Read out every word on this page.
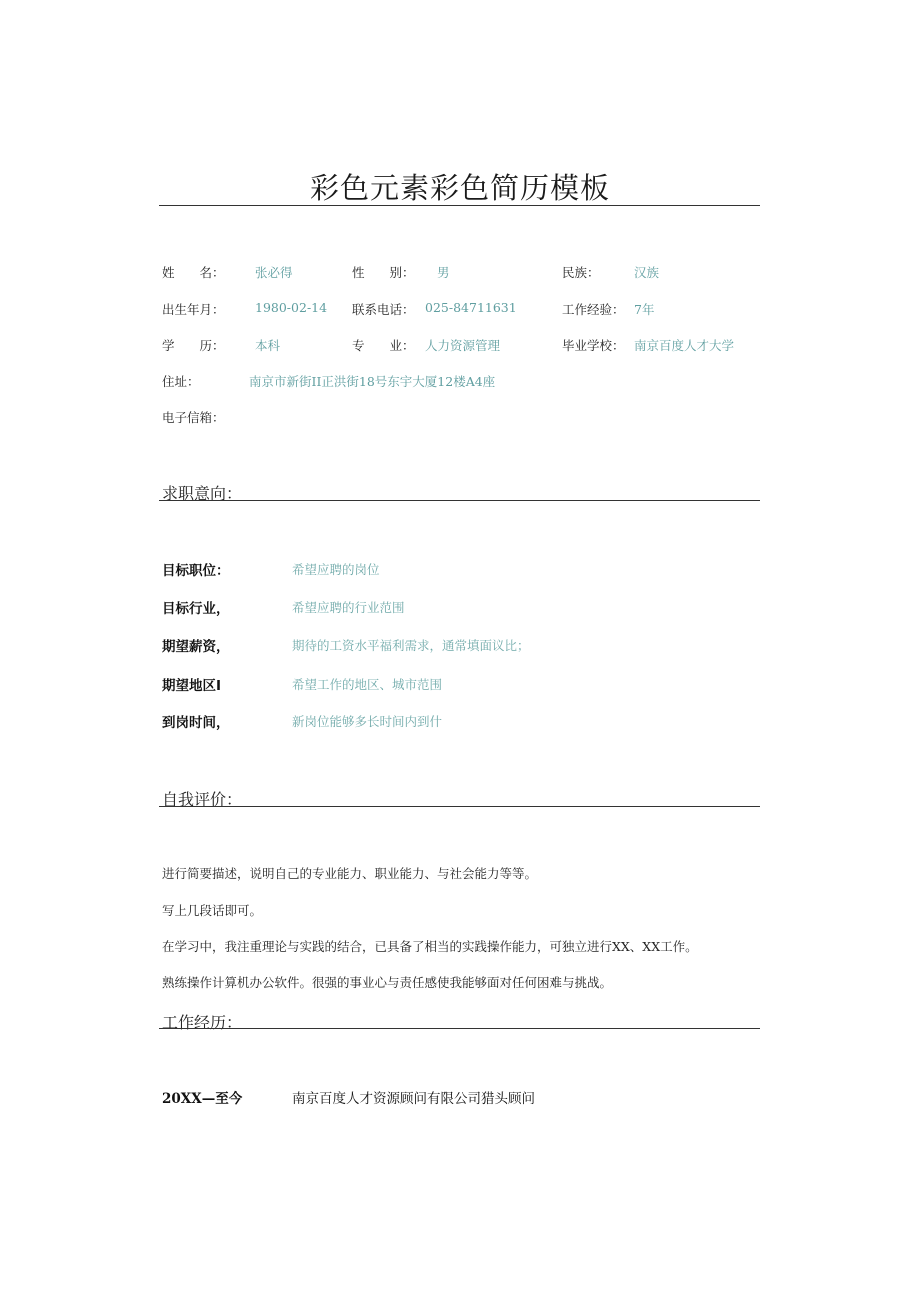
彩色元素彩色简历模板
姓　　名： 张必得	性　　别： 男	民族：	汉族
出生年月： 1980-02-14 联系电话： 025-84711631	工作经验： 7年
学　　历： 本科	专　　业： 人力资源管理	毕业学校： 南京百度人才大学
住址：	南京市新街II正洪街18号东宇大厦12楼A4座
电子信箱：
求职意向：
目标职位：	希望应聘的岗位
目标行业，	希望应聘的行业范围
期望薪资，	期待的工资水平福利需求，通常填面议比；
期望地区I	希望工作的地区、城市范围
到岗时间，	新岗位能够多长时间内到什
自我评价：
进行简要描述，说明自己的专业能力、职业能力、与社会能力等等。
写上几段话即可。
在学习中，我注重理论与实践的结合，已具备了相当的实践操作能力，可独立进行XX、XX工作。
熟练操作计算机办公软件。很强的事业心与责任感使我能够面对任何困难与挑战。
工作经历：
20XX—至今	南京百度人才资源顾问有限公司猎头顾问
